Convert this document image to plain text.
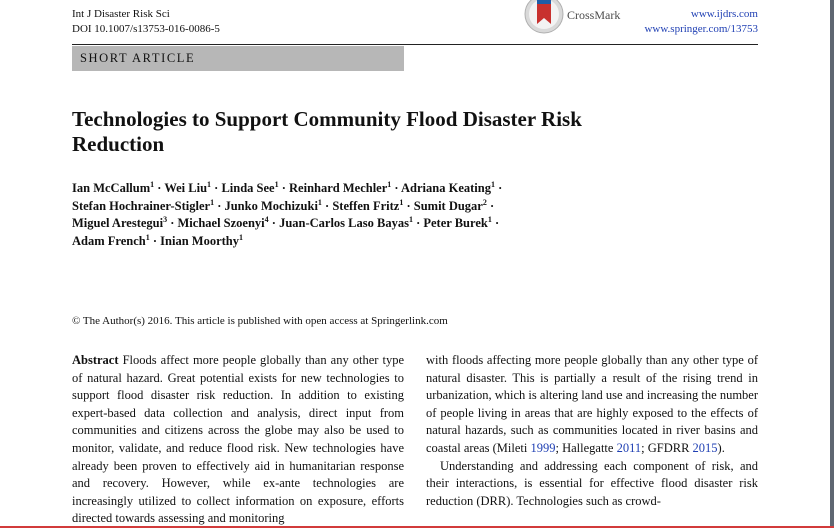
Int J Disaster Risk Sci
DOI 10.1007/s13753-016-0086-5
CrossMark	www.ijdrs.com
www.springer.com/13753
SHORT ARTICLE
Technologies to Support Community Flood Disaster Risk
Reduction
Ian McCallum$^1$ · Wei Liu$^1$ · Linda See$^1$ · Reinhard Mechler$^1$ · Adriana Keating$^1$ ·
Stefan Hochrainer-Stigler$^1$ · Junko Mochizuki$^1$ · Steffen Fritz$^1$ · Sumit Dugar$^2$ ·
Miguel Arestegui$^3$ · Michael Szoenyi$^4$ · Juan-Carlos Laso Bayas$^1$ · Peter Burek$^1$ ·
Adam French$^1$ · Inian Moorthy$^1$
© The Author(s) 2016. This article is published with open access at Springerlink.com

Abstract Floods affect more people globally than any other type of natural hazard. Great potential exists for new technologies to support flood disaster risk reduction. In addition to existing expert-based data collection and analysis, direct input from communities and citizens across the globe may also be used to monitor, validate, and reduce flood risk. New technologies have already been proven to effectively aid in humanitarian response and recovery. However, while ex-ante technologies are increasingly utilized to collect information on exposure, efforts directed towards assessing and monitoring

with floods affecting more people globally than any other type of natural disaster. This is partially a result of the rising trend in urbanization, which is altering land use and increasing the number of people living in areas that are highly exposed to the effects of natural hazards, such as communities located in river basins and coastal areas (Mileti 1999; Hallegatte 2011; GFDRR 2015).

Understanding and addressing each component of risk, and their interactions, is essential for effective flood disaster risk reduction (DRR). Technologies such as crowd-
